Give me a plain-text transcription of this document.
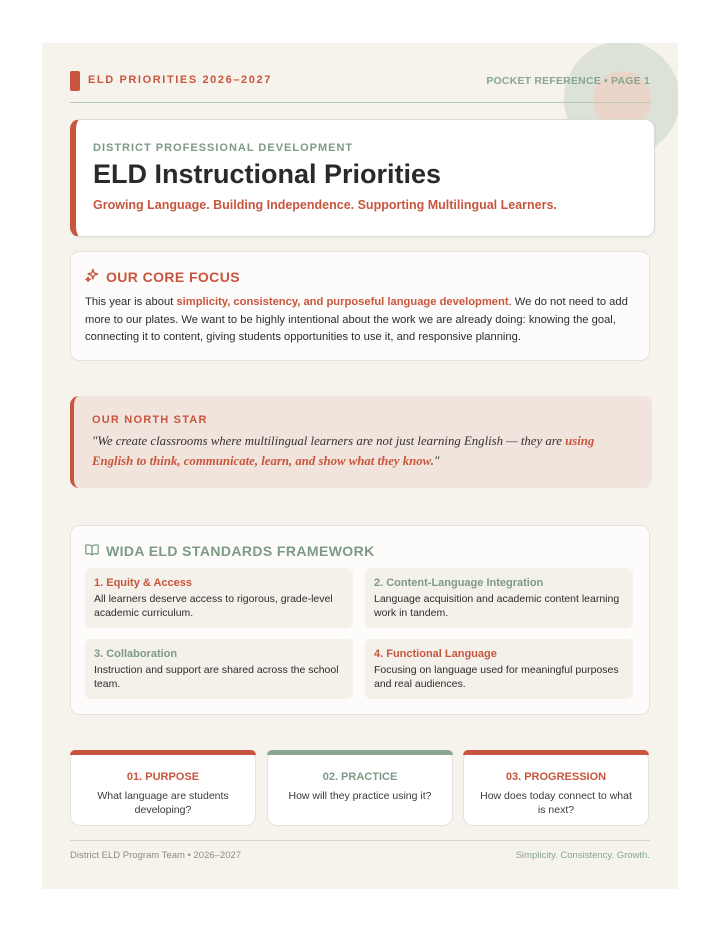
ELD PRIORITIES 2026–2027	POCKET REFERENCE • PAGE 1
DISTRICT PROFESSIONAL DEVELOPMENT
ELD Instructional Priorities
Growing Language. Building Independence. Supporting Multilingual Learners.
OUR CORE FOCUS
This year is about simplicity, consistency, and purposeful language development. We do not need to add more to our plates. We want to be highly intentional about the work we are already doing: knowing the goal, connecting it to content, giving students opportunities to use it, and responsive planning.
OUR NORTH STAR
"We create classrooms where multilingual learners are not just learning English — they are using English to think, communicate, learn, and show what they know."
WIDA ELD STANDARDS FRAMEWORK
1. Equity & Access
All learners deserve access to rigorous, grade-level academic curriculum.
2. Content-Language Integration
Language acquisition and academic content learning work in tandem.
3. Collaboration
Instruction and support are shared across the school team.
4. Functional Language
Focusing on language used for meaningful purposes and real audiences.
01. PURPOSE
What language are students developing?
02. PRACTICE
How will they practice using it?
03. PROGRESSION
How does today connect to what is next?
District ELD Program Team • 2026–2027	Simplicity. Consistency. Growth.
